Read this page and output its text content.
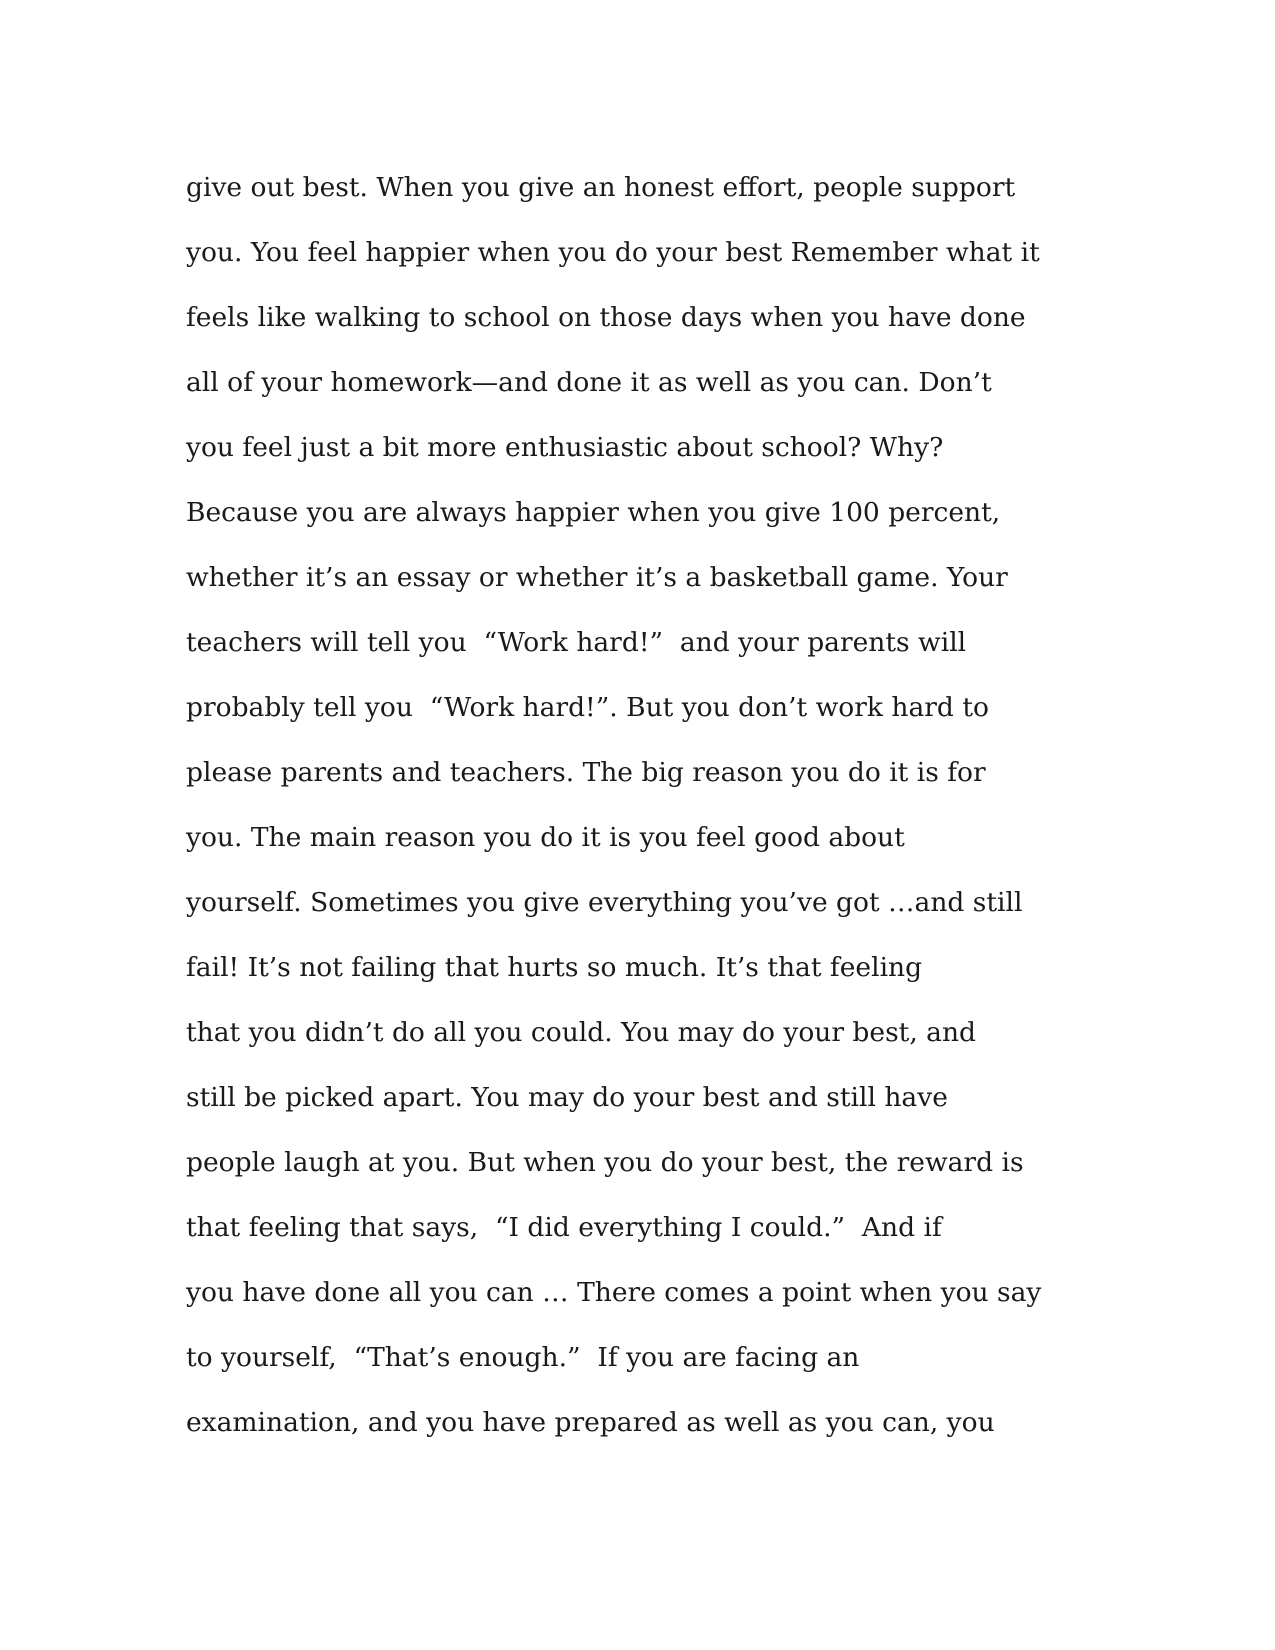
give out best. When you give an honest effort, people support
you. You feel happier when you do your best Remember what it
feels like walking to school on those days when you have done
all of your homework—and done it as well as you can. Don’t
you feel just a bit more enthusiastic about school? Why?
Because you are always happier when you give 100 percent,
whether it’s an essay or whether it’s a basketball game. Your
teachers will tell you  “Work hard!”  and your parents will
probably tell you  “Work hard!”. But you don’t work hard to
please parents and teachers. The big reason you do it is for
you. The main reason you do it is you feel good about
yourself. Sometimes you give everything you’ve got …and still
fail! It’s not failing that hurts so much. It’s that feeling
that you didn’t do all you could. You may do your best, and
still be picked apart. You may do your best and still have
people laugh at you. But when you do your best, the reward is
that feeling that says,  “I did everything I could.”  And if
you have done all you can … There comes a point when you say
to yourself,  “That’s enough.”  If you are facing an
examination, and you have prepared as well as you can, you
